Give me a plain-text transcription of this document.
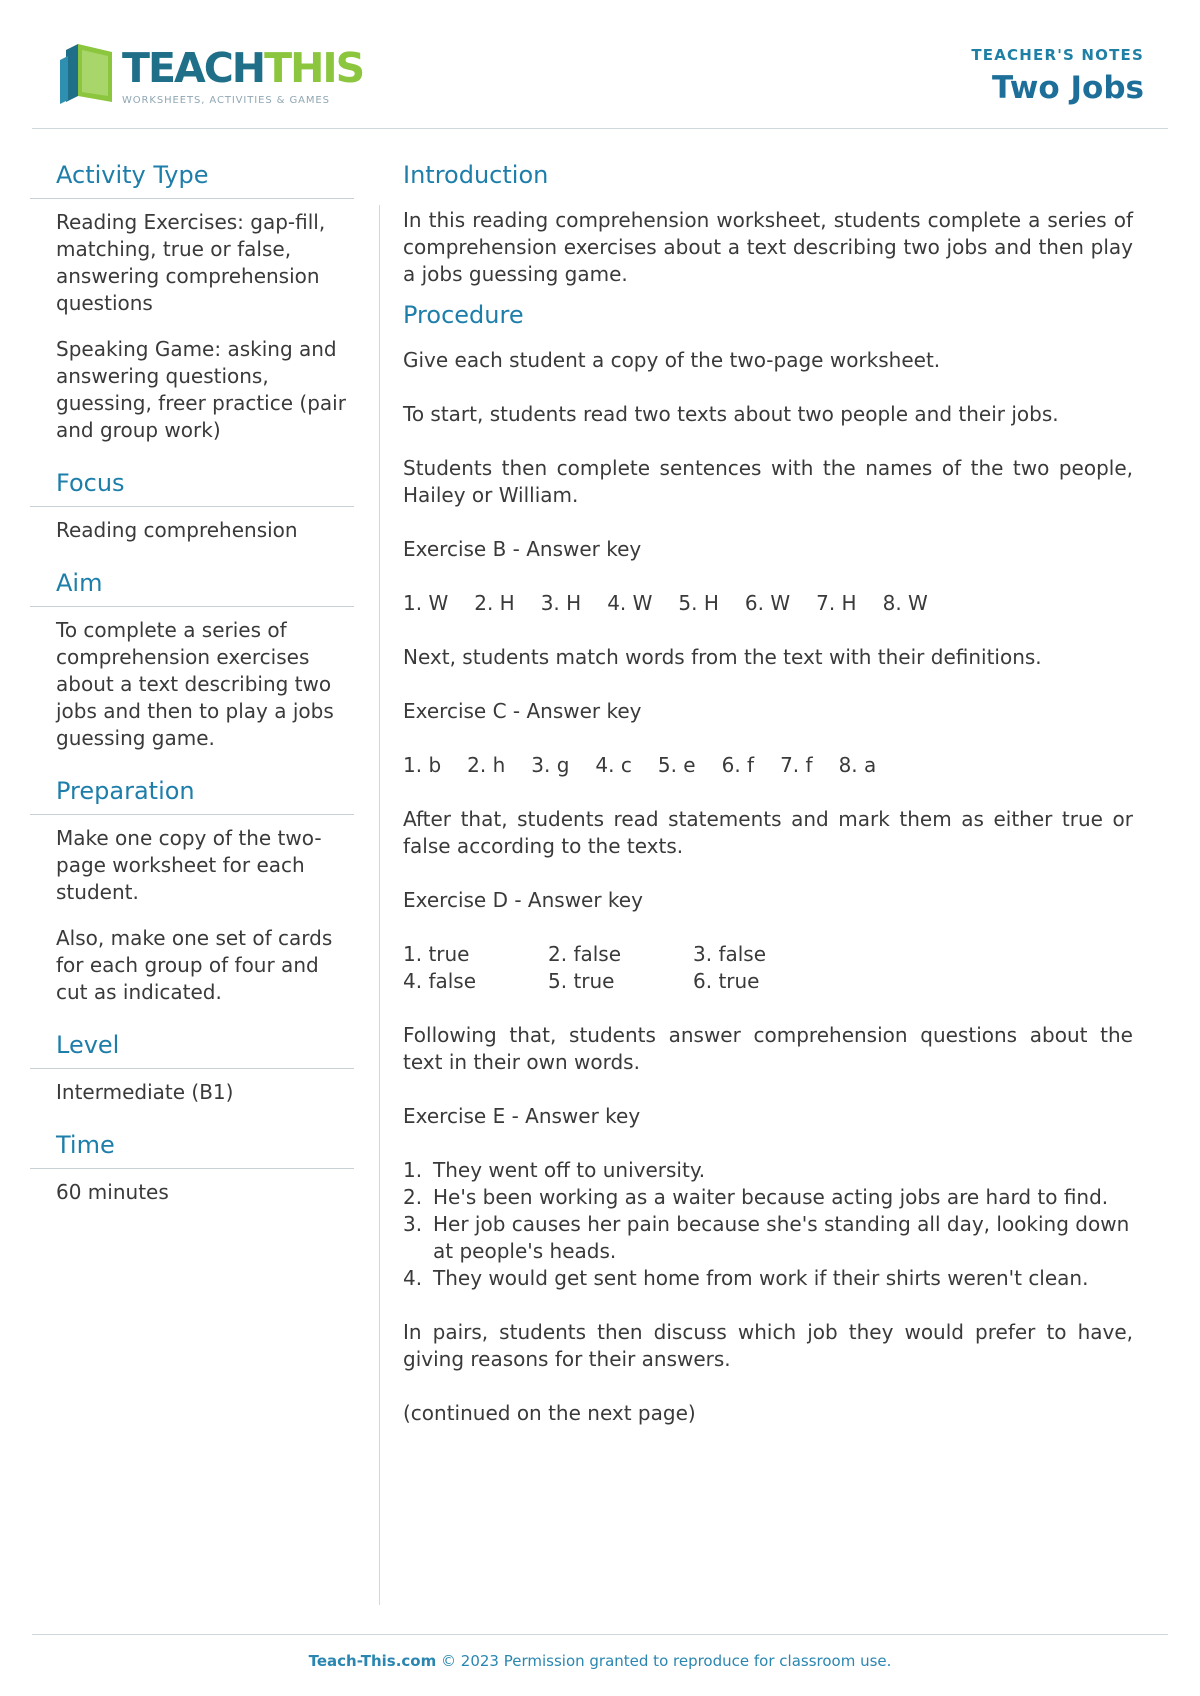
TEACHTHIS
WORKSHEETS, ACTIVITIES & GAMES
TEACHER'S NOTES
Two Jobs
Activity Type

Reading Exercises: gap-fill, matching, true or false, answering comprehension questions

Speaking Game: asking and answering questions, guessing, freer practice (pair and group work)

Focus

Reading comprehension

Aim

To complete a series of comprehension exercises about a text describing two jobs and then to play a jobs guessing game.

Preparation

Make one copy of the two-page worksheet for each student.

Also, make one set of cards for each group of four and cut as indicated.

Level

Intermediate (B1)

Time

60 minutes

Introduction

In this reading comprehension worksheet, students complete a series of comprehension exercises about a text describing two jobs and then play a jobs guessing game.

Procedure

Give each student a copy of the two-page worksheet.

To start, students read two texts about two people and their jobs.

Students then complete sentences with the names of the two people, Hailey or William.

Exercise B - Answer key

1. W 2. H 3. H 4. W 5. H 6. W 7. H 8. W

Next, students match words from the text with their definitions.

Exercise C - Answer key

1. b 2. h 3. g 4. c 5. e 6. f 7. f 8. a

After that, students read statements and mark them as either true or false according to the texts.

Exercise D - Answer key

1. true	2. false	3. false
4. false	5. true	6. true

Following that, students answer comprehension questions about the text in their own words.

Exercise E - Answer key

1. They went off to university.
2. He's been working as a waiter because acting jobs are hard to find.
3. Her job causes her pain because she's standing all day, looking down at people's heads.
4. They would get sent home from work if their shirts weren't clean.

In pairs, students then discuss which job they would prefer to have, giving reasons for their answers.

(continued on the next page)

Teach-This.com © 2023 Permission granted to reproduce for classroom use.
